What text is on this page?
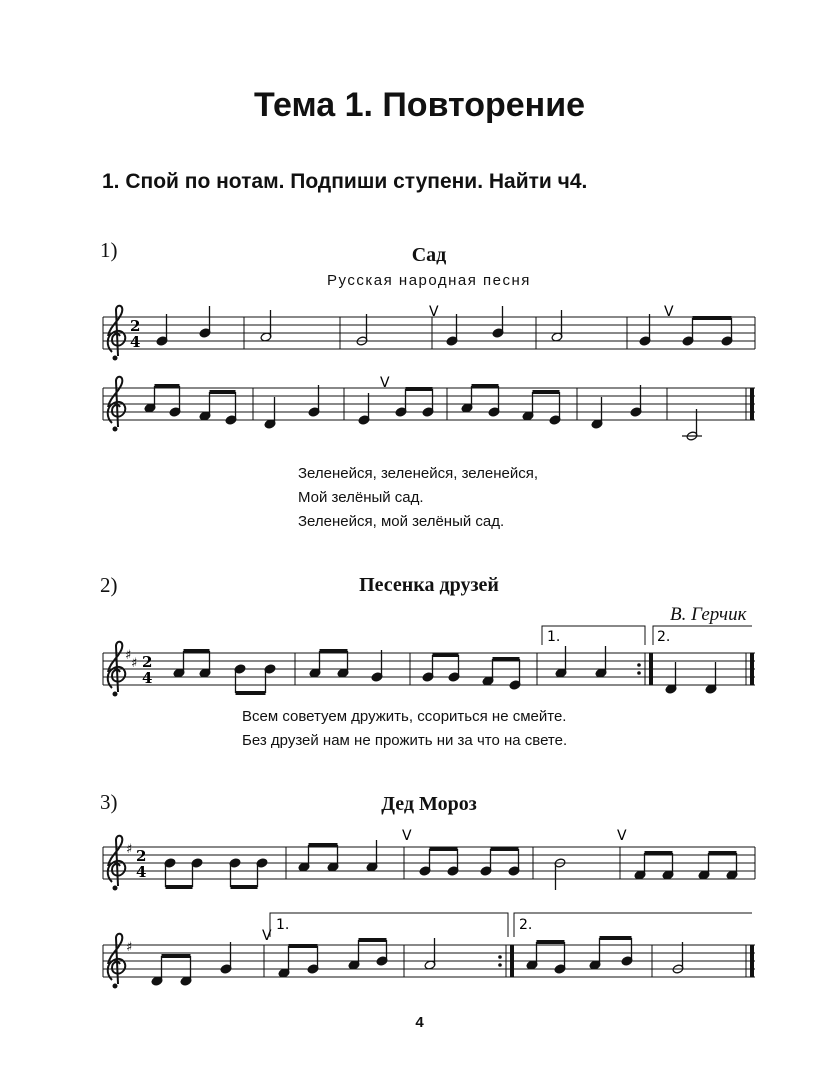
Тема 1. Повторение
1. Спой по нотам. Подпиши ступени. Найти ч4.
1)	Сад
Русская народная песня
Зеленейся, зеленейся, зеленейся,
Мой зелёный сад.
Зеленейся, мой зелёный сад.
2)	Песенка друзей
В. Герчик
Всем советуем дружить, ссориться не смейте.
Без друзей нам не прожить ни за что на свете.
3)	Дед Мороз
4
2
4
V	V
V
♯
♯ 2
4
1.	2.
♯ 2
4
V	V
♯
1.	2.
V
